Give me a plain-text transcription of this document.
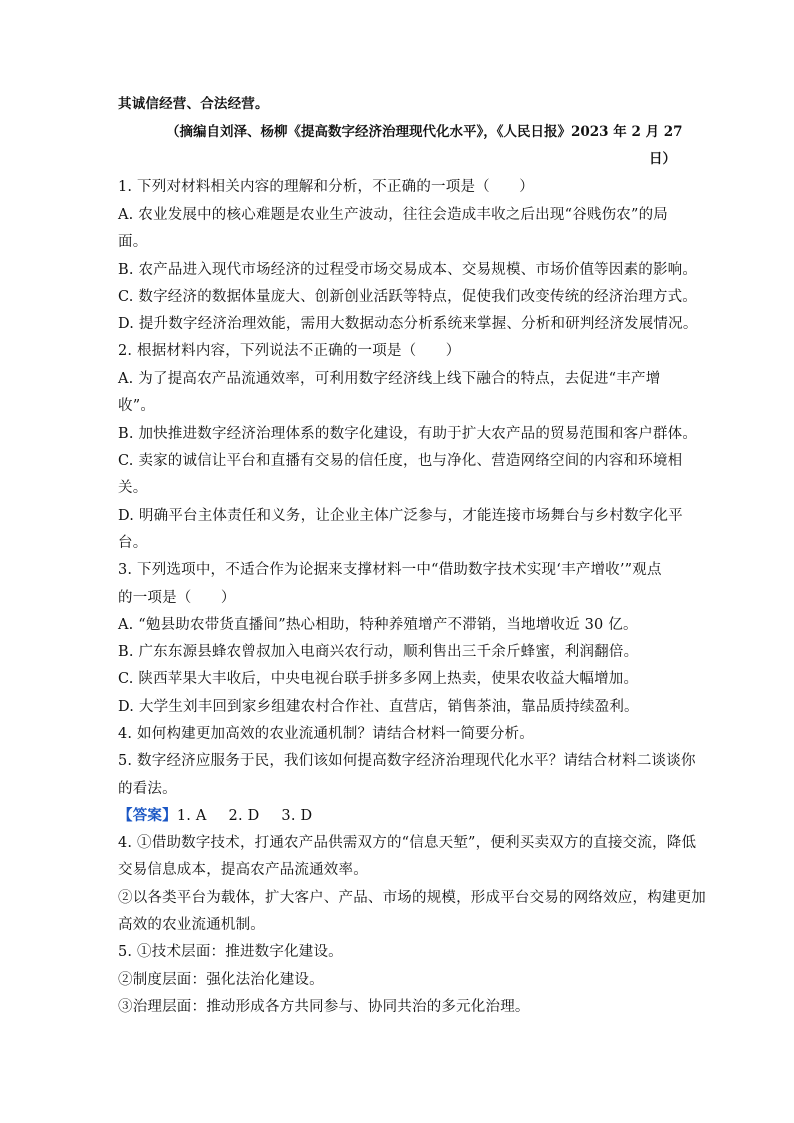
其诚信经营、合法经营。
（摘编自刘泽、杨柳《提高数字经济治理现代化水平》，《人民日报》2023 年 2 月 27
日）
1. 下列对材料相关内容的理解和分析，不正确的一项是（　　）
A. 农业发展中的核心难题是农业生产波动，往往会造成丰收之后出现“谷贱伤农”的局
面。
B. 农产品进入现代市场经济的过程受市场交易成本、交易规模、市场价值等因素的影响。
C. 数字经济的数据体量庞大、创新创业活跃等特点，促使我们改变传统的经济治理方式。
D. 提升数字经济治理效能，需用大数据动态分析系统来掌握、分析和研判经济发展情况。
2. 根据材料内容，下列说法不正确的一项是（　　）
A. 为了提高农产品流通效率，可利用数字经济线上线下融合的特点，去促进“丰产增
收”。
B. 加快推进数字经济治理体系的数字化建设，有助于扩大农产品的贸易范围和客户群体。
C. 卖家的诚信让平台和直播有交易的信任度，也与净化、营造网络空间的内容和环境相
关。
D. 明确平台主体责任和义务，让企业主体广泛参与，才能连接市场舞台与乡村数字化平
台。
3. 下列选项中，不适合作为论据来支撑材料一中“借助数字技术实现‘丰产增收’”观点
的一项是（　　）
A. “勉县助农带货直播间”热心相助，特种养殖增产不滞销，当地增收近 30 亿。
B. 广东东源县蜂农曾叔加入电商兴农行动，顺利售出三千余斤蜂蜜，利润翻倍。
C. 陕西苹果大丰收后，中央电视台联手拼多多网上热卖，使果农收益大幅增加。
D. 大学生刘丰回到家乡组建农村合作社、直营店，销售茶油，靠品质持续盈利。
4. 如何构建更加高效的农业流通机制？请结合材料一简要分析。
5. 数字经济应服务于民，我们该如何提高数字经济治理现代化水平？请结合材料二谈谈你
的看法。
【答案】1. A 2. D 3. D
4. ①借助数字技术，打通农产品供需双方的“信息天堑”，便利买卖双方的直接交流，降低
交易信息成本，提高农产品流通效率。
②以各类平台为载体，扩大客户、产品、市场的规模，形成平台交易的网络效应，构建更加
高效的农业流通机制。
5. ①技术层面：推进数字化建设。
②制度层面：强化法治化建设。
③治理层面：推动形成各方共同参与、协同共治的多元化治理。
